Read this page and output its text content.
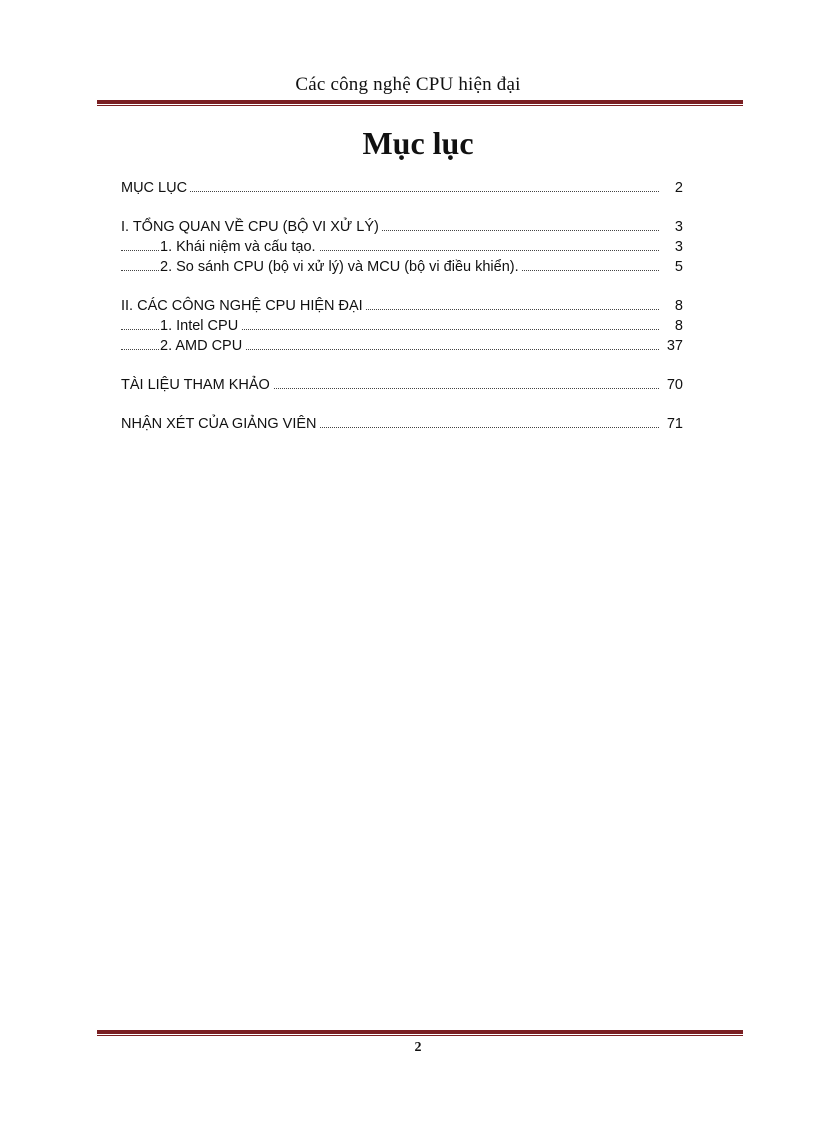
Các công nghệ CPU hiện đại
Mục lục
MỤC LỤC	2
I. TỔNG QUAN VỀ CPU (BỘ VI XỬ LÝ)	3
1. Khái niệm và cấu tạo.	3
2. So sánh CPU (bộ vi xử lý) và MCU (bộ vi điều khiển).	5
II. CÁC CÔNG NGHỆ CPU HIỆN ĐẠI	8
1. Intel CPU	8
2. AMD CPU	37
TÀI LIỆU THAM KHẢO	70
NHẬN XÉT CỦA GIẢNG VIÊN	71
2
